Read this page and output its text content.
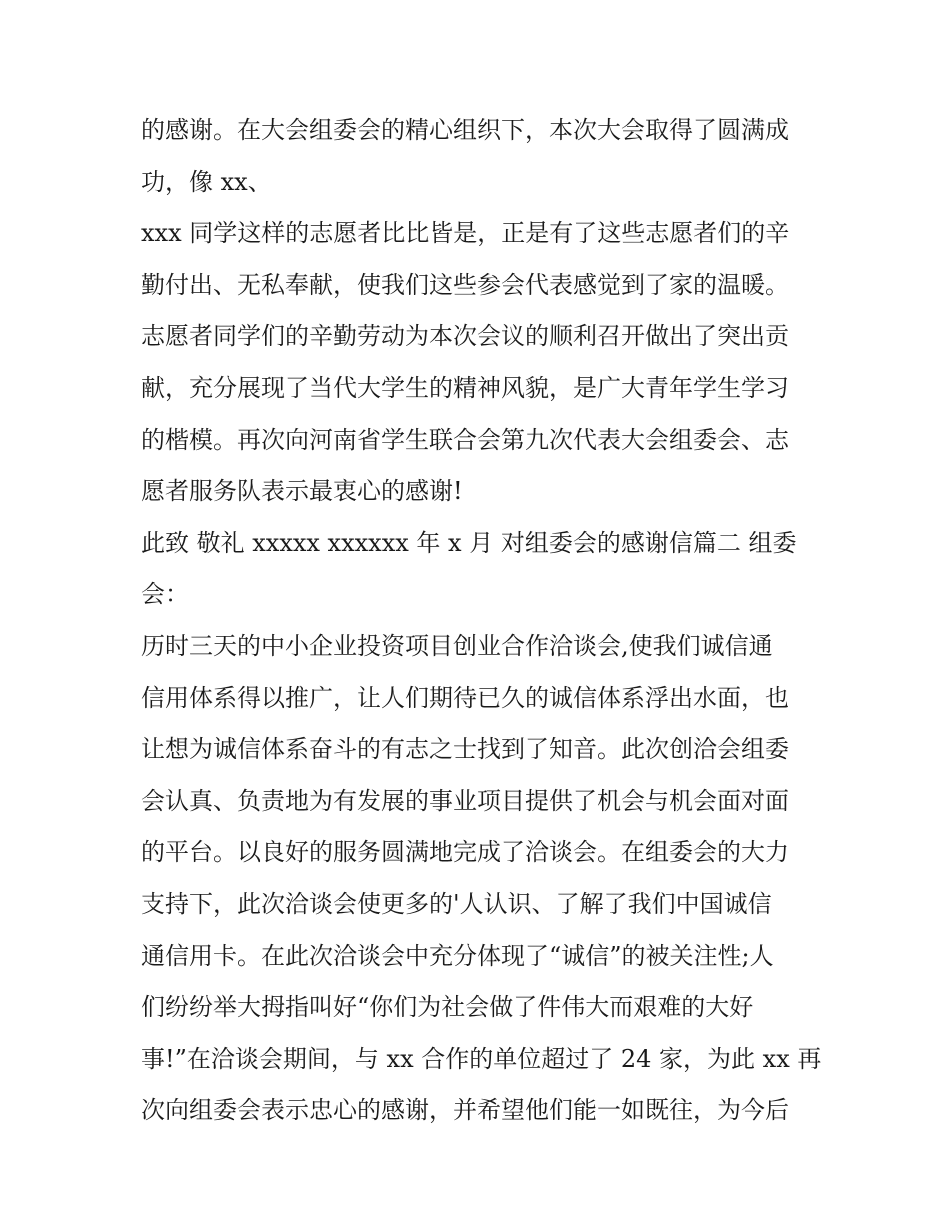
的感谢。在大会组委会的精心组织下，本次大会取得了圆满成
功，像 xx、
xxx 同学这样的志愿者比比皆是，正是有了这些志愿者们的辛
勤付出、无私奉献，使我们这些参会代表感觉到了家的温暖。
志愿者同学们的辛勤劳动为本次会议的顺利召开做出了突出贡
献，充分展现了当代大学生的精神风貌，是广大青年学生学习
的楷模。再次向河南省学生联合会第九次代表大会组委会、志
愿者服务队表示最衷心的感谢!
此致 敬礼 xxxxx xxxxxx 年 x 月 对组委会的感谢信篇二 组委
会：
历时三天的中小企业投资项目创业合作洽谈会,使我们诚信通
信用体系得以推广，让人们期待已久的诚信体系浮出水面，也
让想为诚信体系奋斗的有志之士找到了知音。此次创洽会组委
会认真、负责地为有发展的事业项目提供了机会与机会面对面
的平台。以良好的服务圆满地完成了洽谈会。在组委会的大力
支持下，此次洽谈会使更多的'人认识、了解了我们中国诚信
通信用卡。在此次洽谈会中充分体现了“诚信”的被关注性;人
们纷纷举大拇指叫好“你们为社会做了件伟大而艰难的大好
事!”在洽谈会期间，与 xx 合作的单位超过了 24 家，为此 xx 再
次向组委会表示忠心的感谢，并希望他们能一如既往，为今后
